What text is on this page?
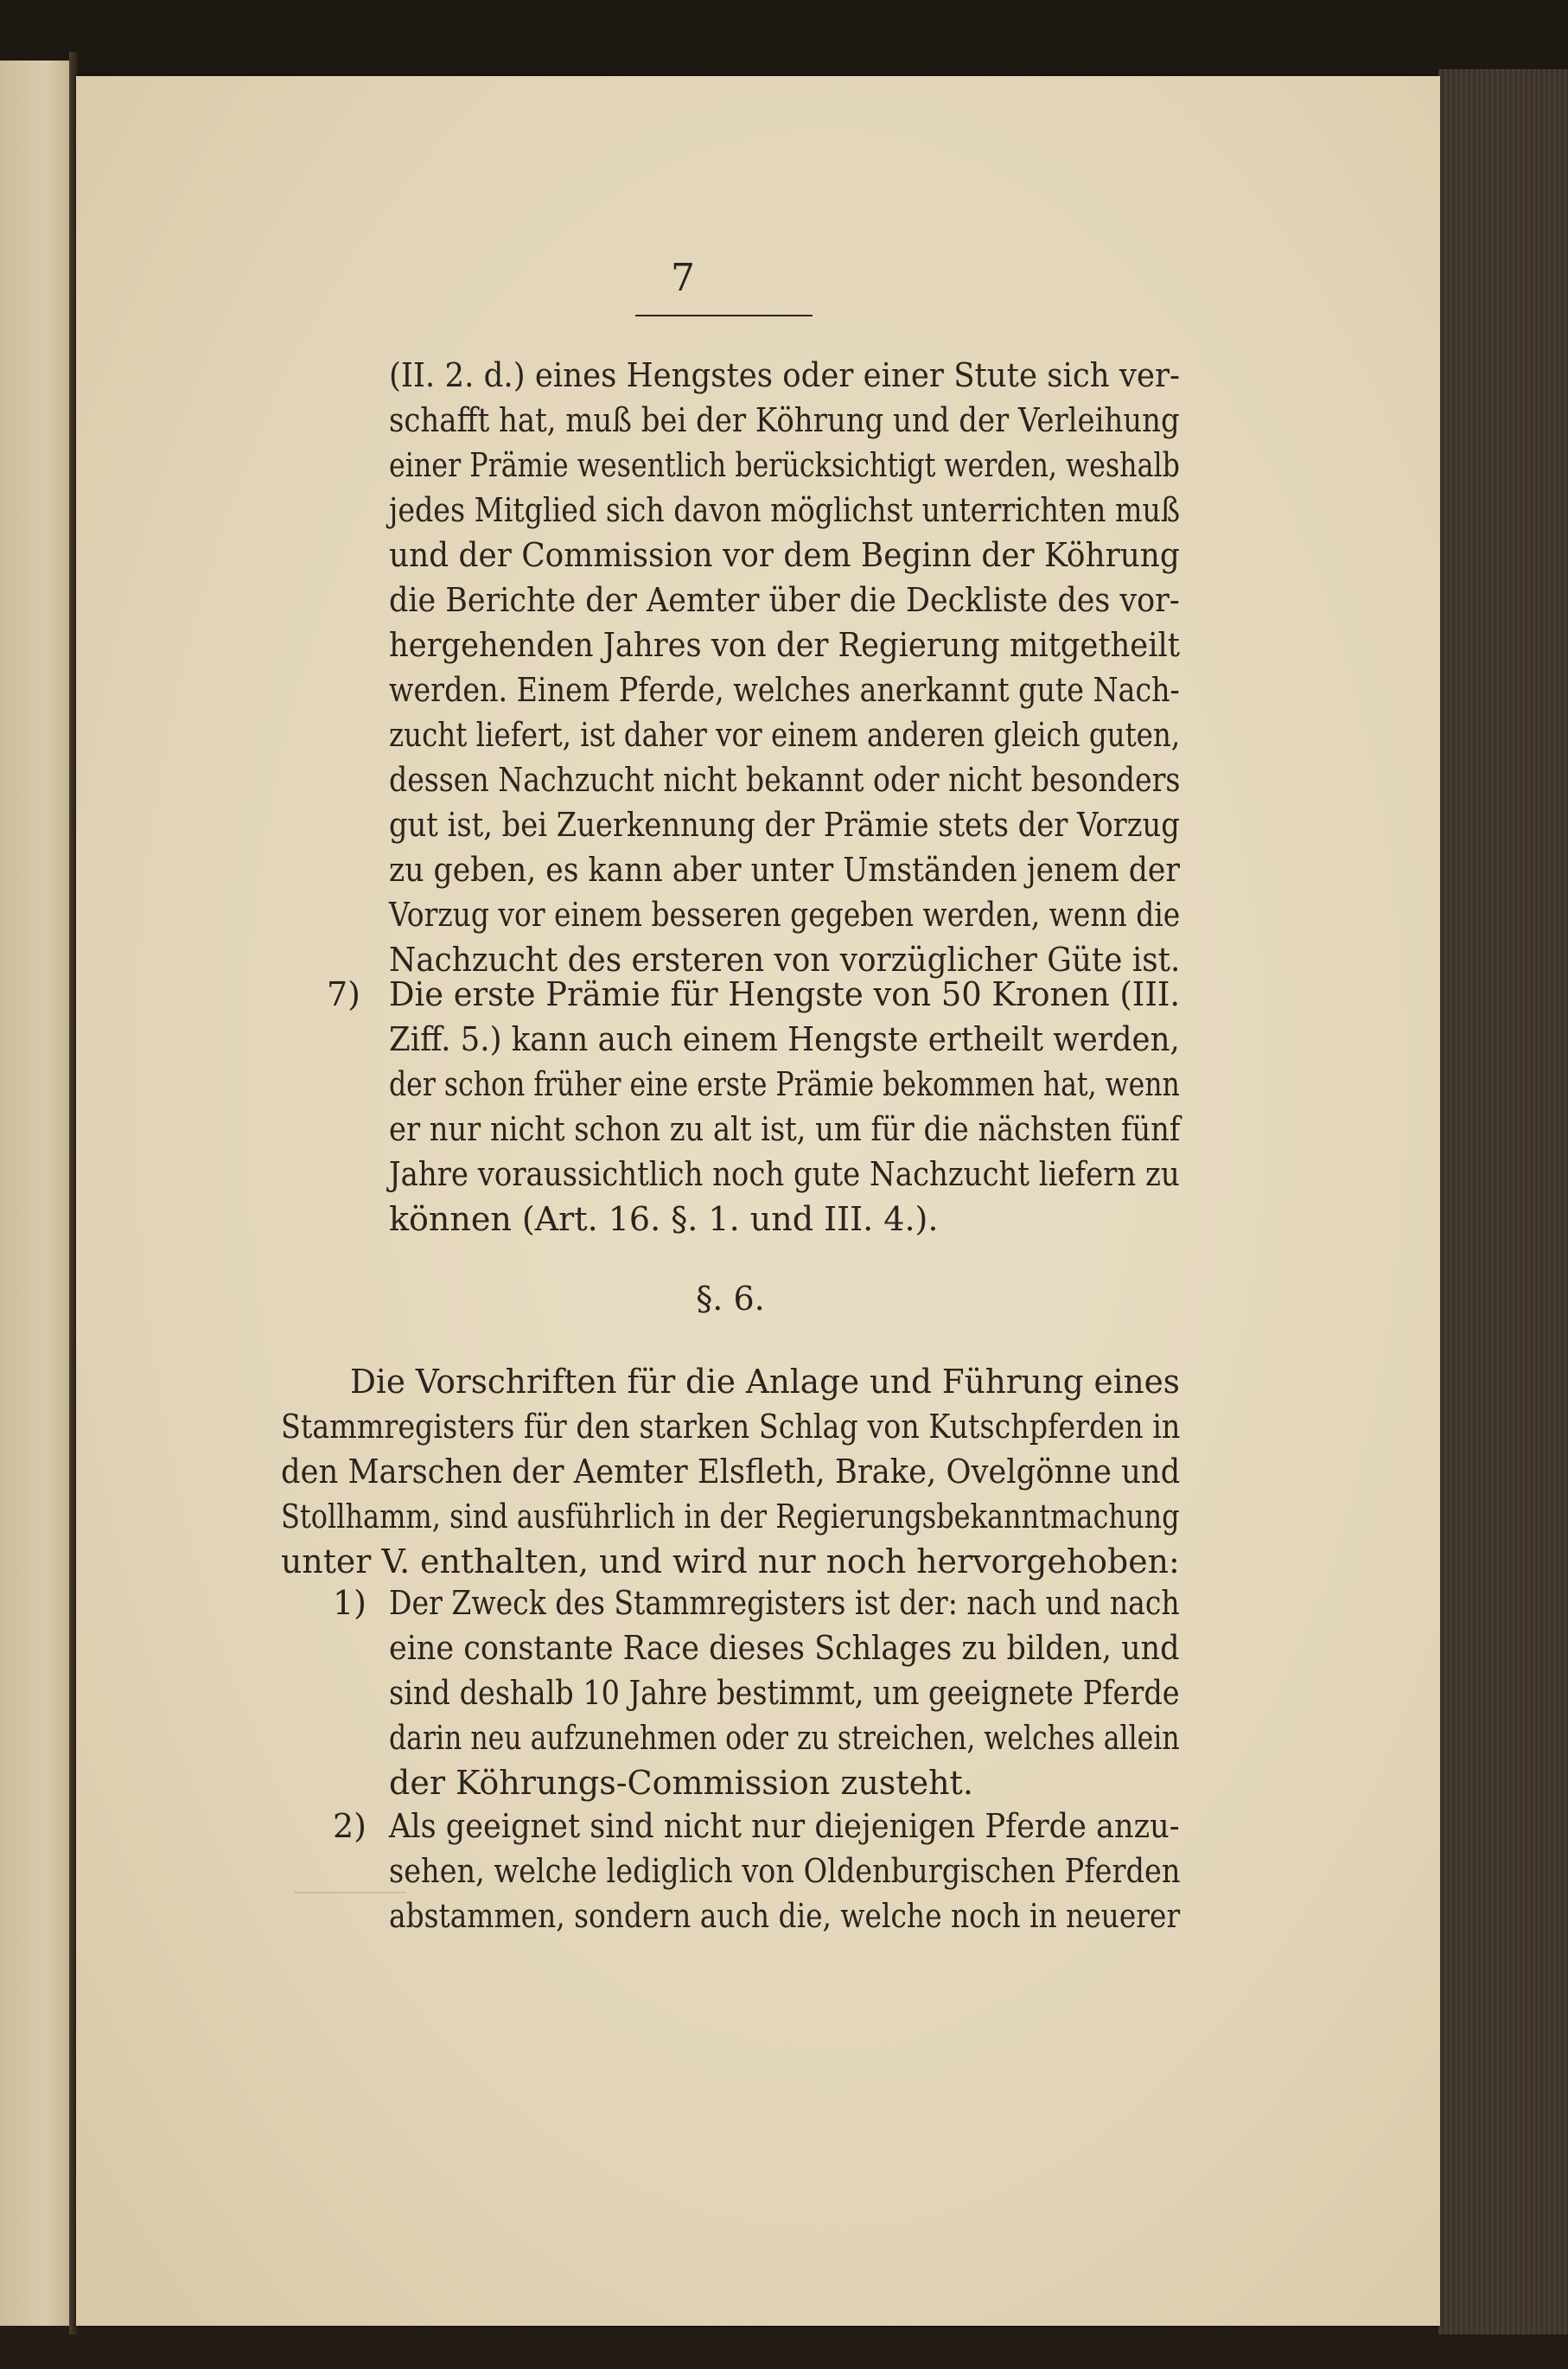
7
(II. 2. d.) eines Hengstes oder einer Stute sich ver-
schafft hat, muß bei der Köhrung und der Verleihung
einer Prämie wesentlich berücksichtigt werden, weshalb
jedes Mitglied sich davon möglichst unterrichten muß
und der Commission vor dem Beginn der Köhrung
die Berichte der Aemter über die Deckliste des vor-
hergehenden Jahres von der Regierung mitgetheilt
werden. Einem Pferde, welches anerkannt gute Nach-
zucht liefert, ist daher vor einem anderen gleich guten,
dessen Nachzucht nicht bekannt oder nicht besonders
gut ist, bei Zuerkennung der Prämie stets der Vorzug
zu geben, es kann aber unter Umständen jenem der
Vorzug vor einem besseren gegeben werden, wenn die
Nachzucht des ersteren von vorzüglicher Güte ist.
7) Die erste Prämie für Hengste von 50 Kronen (III.
Ziff. 5.) kann auch einem Hengste ertheilt werden,
der schon früher eine erste Prämie bekommen hat, wenn
er nur nicht schon zu alt ist, um für die nächsten fünf
Jahre voraussichtlich noch gute Nachzucht liefern zu
können (Art. 16. §. 1. und III. 4.).
§. 6.
Die Vorschriften für die Anlage und Führung eines
Stammregisters für den starken Schlag von Kutschpferden in
den Marschen der Aemter Elsfleth, Brake, Ovelgönne und
Stollhamm, sind ausführlich in der Regierungsbekanntmachung
unter V. enthalten, und wird nur noch hervorgehoben:
1) Der Zweck des Stammregisters ist der: nach und nach
eine constante Race dieses Schlages zu bilden, und
sind deshalb 10 Jahre bestimmt, um geeignete Pferde
darin neu aufzunehmen oder zu streichen, welches allein
der Köhrungs-Commission zusteht.
2) Als geeignet sind nicht nur diejenigen Pferde anzu-
sehen, welche lediglich von Oldenburgischen Pferden
abstammen, sondern auch die, welche noch in neuerer
